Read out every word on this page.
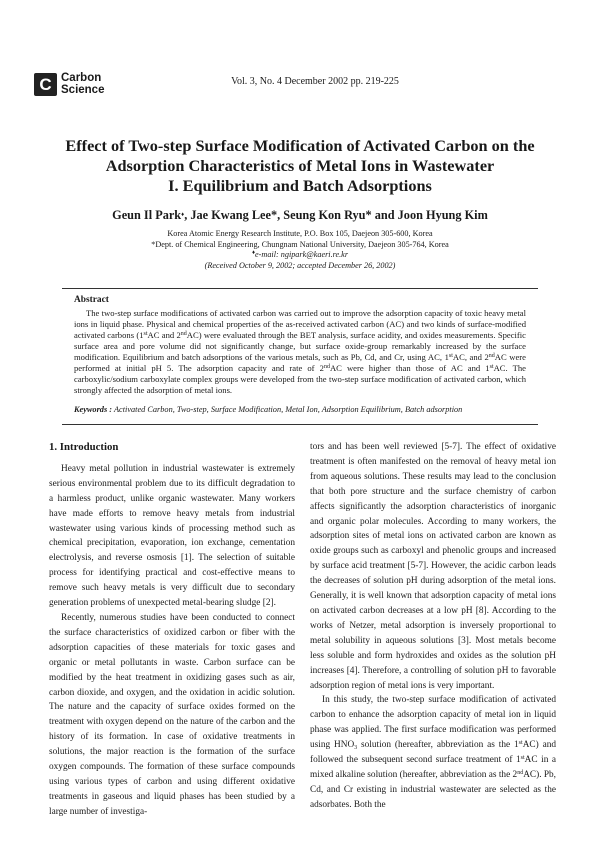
C Carbon
Science
Vol. 3, No. 4 December 2002 pp. 219-225
Effect of Two-step Surface Modification of Activated Carbon on the
Adsorption Characteristics of Metal Ions in Wastewater
I. Equilibrium and Batch Adsorptions
Geun Il Park♦, Jae Kwang Lee*, Seung Kon Ryu* and Joon Hyung Kim
Korea Atomic Energy Research Institute, P.O. Box 105, Daejeon 305-600, Korea
*Dept. of Chemical Engineering, Chungnam National University, Daejeon 305-764, Korea
♦e-mail: ngipark@kaeri.re.kr
(Received October 9, 2002; accepted December 26, 2002)
Abstract
The two-step surface modifications of activated carbon was carried out to improve the adsorption capacity of toxic heavy metal ions in liquid phase. Physical and chemical properties of the as-received activated carbon (AC) and two kinds of surface-modified activated carbons (1stAC and 2ndAC) were evaluated through the BET analysis, surface acidity, and oxides measurements. Specific surface area and pore volume did not significantly change, but surface oxide-group remarkably increased by the surface modification. Equilibrium and batch adsorptions of the various metals, such as Pb, Cd, and Cr, using AC, 1stAC, and 2ndAC were performed at initial pH 5. The adsorption capacity and rate of 2ndAC were higher than those of AC and 1stAC. The carboxylic/sodium carboxylate complex groups were developed from the two-step surface modification of activated carbon, which strongly affected the adsorption of metal ions.
Keywords : Activated Carbon, Two-step, Surface Modification, Metal Ion, Adsorption Equilibrium, Batch adsorption
1. Introduction

Heavy metal pollution in industrial wastewater is extremely serious environmental problem due to its difficult degradation to a harmless product, unlike organic wastewater. Many workers have made efforts to remove heavy metals from industrial wastewater using various kinds of processing method such as chemical precipitation, evaporation, ion exchange, cementation electrolysis, and reverse osmosis [1]. The selection of suitable process for identifying practical and cost-effective means to remove such heavy metals is very difficult due to secondary generation problems of unexpected metal-bearing sludge [2].

Recently, numerous studies have been conducted to connect the surface characteristics of oxidized carbon or fiber with the adsorption capacities of these materials for toxic gases and organic or metal pollutants in waste. Carbon surface can be modified by the heat treatment in oxidizing gases such as air, carbon dioxide, and oxygen, and the oxidation in acidic solution. The nature and the capacity of surface oxides formed on the treatment with oxygen depend on the nature of the carbon and the history of its formation. In case of oxidative treatments in solutions, the major reaction is the formation of the surface oxygen compounds. The formation of these surface compounds using various types of carbon and using different oxidative treatments in gaseous and liquid phases has been studied by a large number of investiga-

tors and has been well reviewed [5-7]. The effect of oxidative treatment is often manifested on the removal of heavy metal ion from aqueous solutions. These results may lead to the conclusion that both pore structure and the surface chemistry of carbon affects significantly the adsorption characteristics of inorganic and organic polar molecules. According to many workers, the adsorption sites of metal ions on activated carbon are known as oxide groups such as carboxyl and phenolic groups and increased by surface acid treatment [5-7]. However, the acidic carbon leads the decreases of solution pH during adsorption of the metal ions. Generally, it is well known that adsorption capacity of metal ions on activated carbon decreases at a low pH [8]. According to the works of Netzer, metal adsorption is inversely proportional to metal solubility in aqueous solutions [3]. Most metals become less soluble and form hydroxides and oxides as the solution pH increases [4]. Therefore, a controlling of solution pH to favorable adsorption region of metal ions is very important.

In this study, the two-step surface modification of activated carbon to enhance the adsorption capacity of metal ion in liquid phase was applied. The first surface modification was performed using $HNO_3$ solution (hereafter, abbreviation as the 1stAC) and followed the subsequent second surface treatment of 1stAC in a mixed alkaline solution (hereafter, abbreviation as the 2ndAC). Pb, Cd, and Cr existing in industrial wastewater are selected as the adsorbates. Both the
